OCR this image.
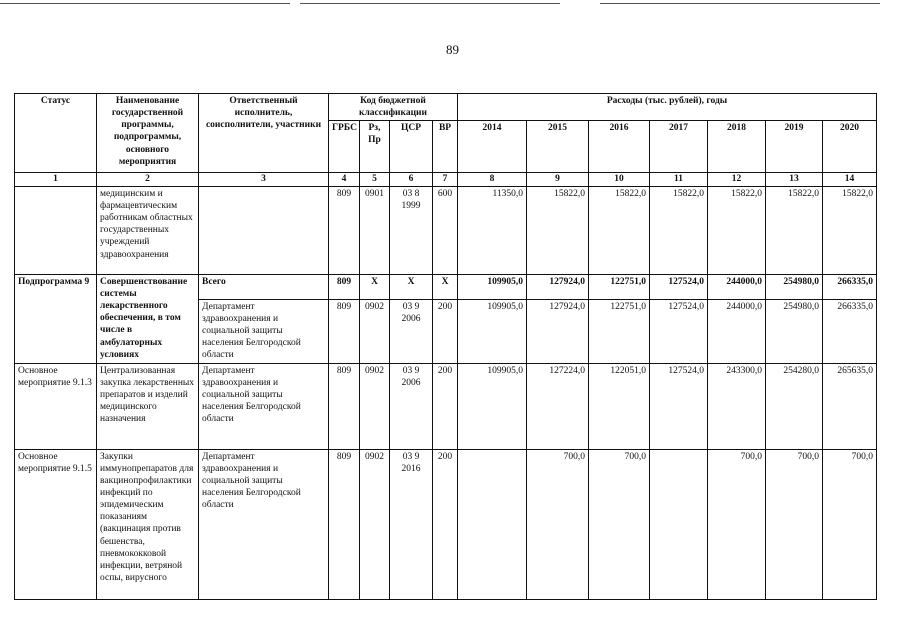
89
Статус	Наименование государственной программы, подпрограммы, основного мероприятия	Ответственный исполнитель, соисполнители, участники	Код бюджетной классификации				Расходы (тыс. рублей), годы						
			ГРБС	Рз, Пр	ЦСР	ВР	2014	2015	2016	2017	2018	2019	2020
1	2	3	4	5	6	7	8	9	10	11	12	13	14
	медицинским и фармацевтическим работникам областных государственных учреждений здравоохранения		809	0901	03 8 1999	600	11350,0	15822,0	15822,0	15822,0	15822,0	15822,0	15822,0
Подпрограмма 9	Совершенствование системы лекарственного обеспечения, в том числе в амбулаторных условиях	Всего	809	Х	Х	Х	109905,0	127924,0	122751,0	127524,0	244000,0	254980,0	266335,0
		Департамент здравоохранения и социальной защиты населения Белгородской области	809	0902	03 9 2006	200	109905,0	127924,0	122751,0	127524,0	244000,0	254980,0	266335,0
Основное мероприятие 9.1.3	Централизованная закупка лекарственных препаратов и изделий медицинского назначения	Департамент здравоохранения и социальной защиты населения Белгородской области	809	0902	03 9 2006	200	109905,0	127224,0	122051,0	127524,0	243300,0	254280,0	265635,0
Основное мероприятие 9.1.5	Закупки иммунопрепаратов для вакцинопрофилактики инфекций по эпидемическим показаниям (вакцинация против бешенства, пневмококковой инфекции, ветряной оспы, вирусного	Департамент здравоохранения и социальной защиты населения Белгородской области	809	0902	03 9 2016	200		700,0	700,0		700,0	700,0	700,0
